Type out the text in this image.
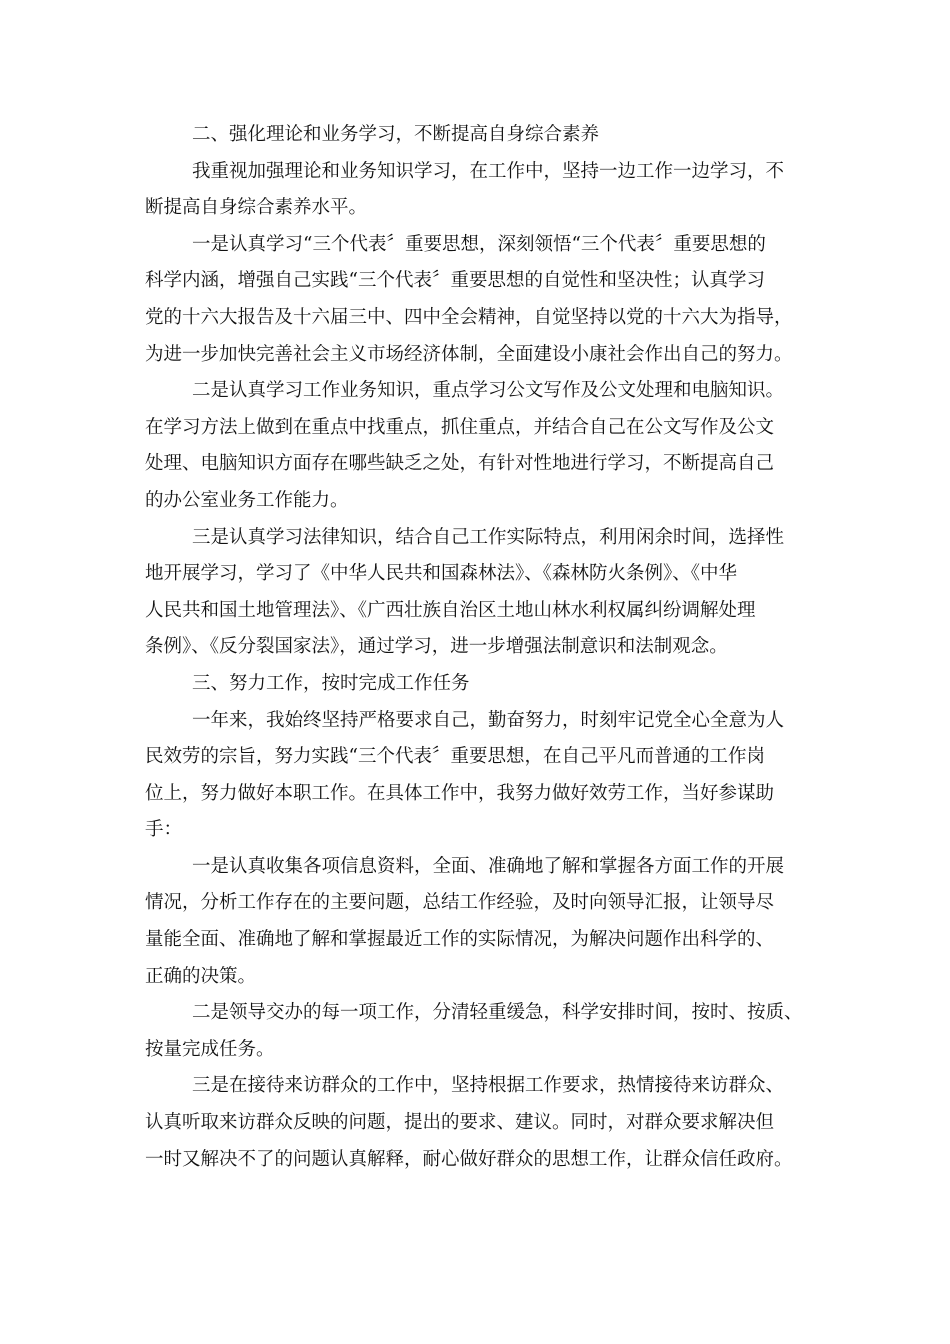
二、强化理论和业务学习，不断提高自身综合素养
我重视加强理论和业务知识学习，在工作中，坚持一边工作一边学习，不
断提高自身综合素养水平。
一是认真学习“三个代表〞重要思想，深刻领悟“三个代表〞重要思想的
科学内涵，增强自己实践“三个代表〞重要思想的自觉性和坚决性；认真学习
党的十六大报告及十六届三中、四中全会精神，自觉坚持以党的十六大为指导，
为进一步加快完善社会主义市场经济体制，全面建设小康社会作出自己的努力。
二是认真学习工作业务知识，重点学习公文写作及公文处理和电脑知识。
在学习方法上做到在重点中找重点，抓住重点，并结合自己在公文写作及公文
处理、电脑知识方面存在哪些缺乏之处，有针对性地进行学习，不断提高自己
的办公室业务工作能力。
三是认真学习法律知识，结合自己工作实际特点，利用闲余时间，选择性
地开展学习，学习了《中华人民共和国森林法》、《森林防火条例》、《中华
人民共和国土地管理法》、《广西壮族自治区土地山林水利权属纠纷调解处理
条例》、《反分裂国家法》，通过学习，进一步增强法制意识和法制观念。
三、努力工作，按时完成工作任务
一年来，我始终坚持严格要求自己，勤奋努力，时刻牢记党全心全意为人
民效劳的宗旨，努力实践“三个代表〞重要思想，在自己平凡而普通的工作岗
位上，努力做好本职工作。在具体工作中，我努力做好效劳工作，当好参谋助
手：
一是认真收集各项信息资料，全面、准确地了解和掌握各方面工作的开展
情况，分析工作存在的主要问题，总结工作经验，及时向领导汇报，让领导尽
量能全面、准确地了解和掌握最近工作的实际情况，为解决问题作出科学的、
正确的决策。
二是领导交办的每一项工作，分清轻重缓急，科学安排时间，按时、按质、
按量完成任务。
三是在接待来访群众的工作中，坚持根据工作要求，热情接待来访群众、
认真听取来访群众反映的问题，提出的要求、建议。同时，对群众要求解决但
一时又解决不了的问题认真解释，耐心做好群众的思想工作，让群众信任政府。
